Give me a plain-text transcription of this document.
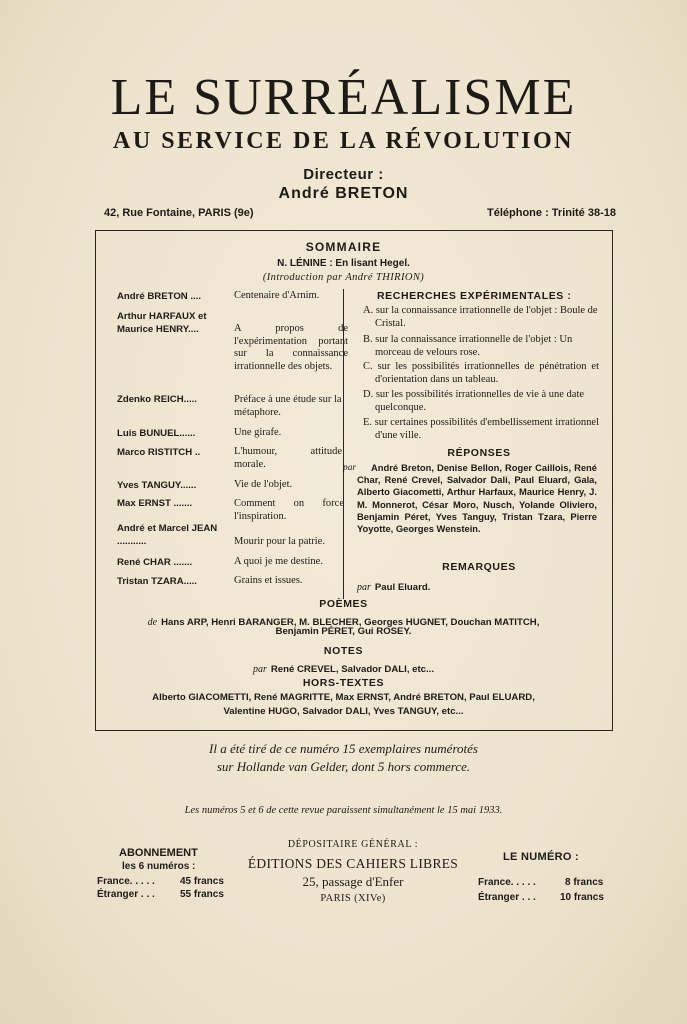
LE SURRÉALISME
AU SERVICE DE LA RÉVOLUTION
Directeur :
André BRETON
42, Rue Fontaine, PARIS (9e)	Téléphone : Trinité 38-18
SOMMAIRE
N. LÉNINE : En lisant Hegel.
(Introduction par André THIRION)
André BRETON ....	Centenaire d'Arnim.
Arthur HARFAUX et Maurice HENRY....	A propos de l'expérimentation portant sur la connaissance irrationnelle des objets.
Zdenko REICH.....	Préface à une étude sur la métaphore.
Luis BUNUEL......	Une girafe.
Marco RISTITCH ..	L'humour, attitude morale.
Yves TANGUY......	Vie de l'objet.
Max ERNST .......	Comment on force l'inspiration.
André et Marcel JEAN ...........	Mourir pour la patrie.
René CHAR .......	A quoi je me destine.
Tristan TZARA.....	Grains et issues.
RECHERCHES EXPÉRIMENTALES :
A. sur la connaissance irrationnelle de l'objet : Boule de Cristal.
B. sur la connaissance irrationnelle de l'objet : Un morceau de velours rose.
C. sur les possibilités irrationnelles de pénétration et d'orientation dans un tableau.
D. sur les possibilités irrationnelles de vie à une date quelconque.
E. sur certaines possibilités d'embellissement irrationnel d'une ville.
RÉPONSES
par André Breton, Denise Bellon, Roger Caillois, René Char, René Crevel, Salvador Dali, Paul Eluard, Gala, Alberto Giacometti, Arthur Harfaux, Maurice Henry, J. M. Monnerot, César Moro, Nusch, Yolande Oliviero, Benjamin Péret, Yves Tanguy, Tristan Tzara, Pierre Yoyotte, Georges Wenstein.
REMARQUES
par Paul Eluard.
POÈMES
de Hans ARP, Henri BARANGER, M. BLECHER, Georges HUGNET, Douchan MATITCH,
Benjamin PÉRET, Gui ROSEY.
NOTES
par René CREVEL, Salvador DALI, etc...
HORS-TEXTES
Alberto GIACOMETTI, René MAGRITTE, Max ERNST, André BRETON, Paul ELUARD,
Valentine HUGO, Salvador DALI, Yves TANGUY, etc...
Il a été tiré de ce numéro 15 exemplaires numérotés
sur Hollande van Gelder, dont 5 hors commerce.
Les numéros 5 et 6 de cette revue paraissent simultanément le 15 mai 1933.
ABONNEMENT
les 6 numéros :
France. . . . .	45 francs
Étranger . . .	55 francs
DÉPOSITAIRE GÉNÉRAL :
ÉDITIONS DES CAHIERS LIBRES
25, passage d'Enfer
PARIS (XIVe)
LE NUMÉRO :
France. . . . .	8 francs
Étranger . . . 10 francs
